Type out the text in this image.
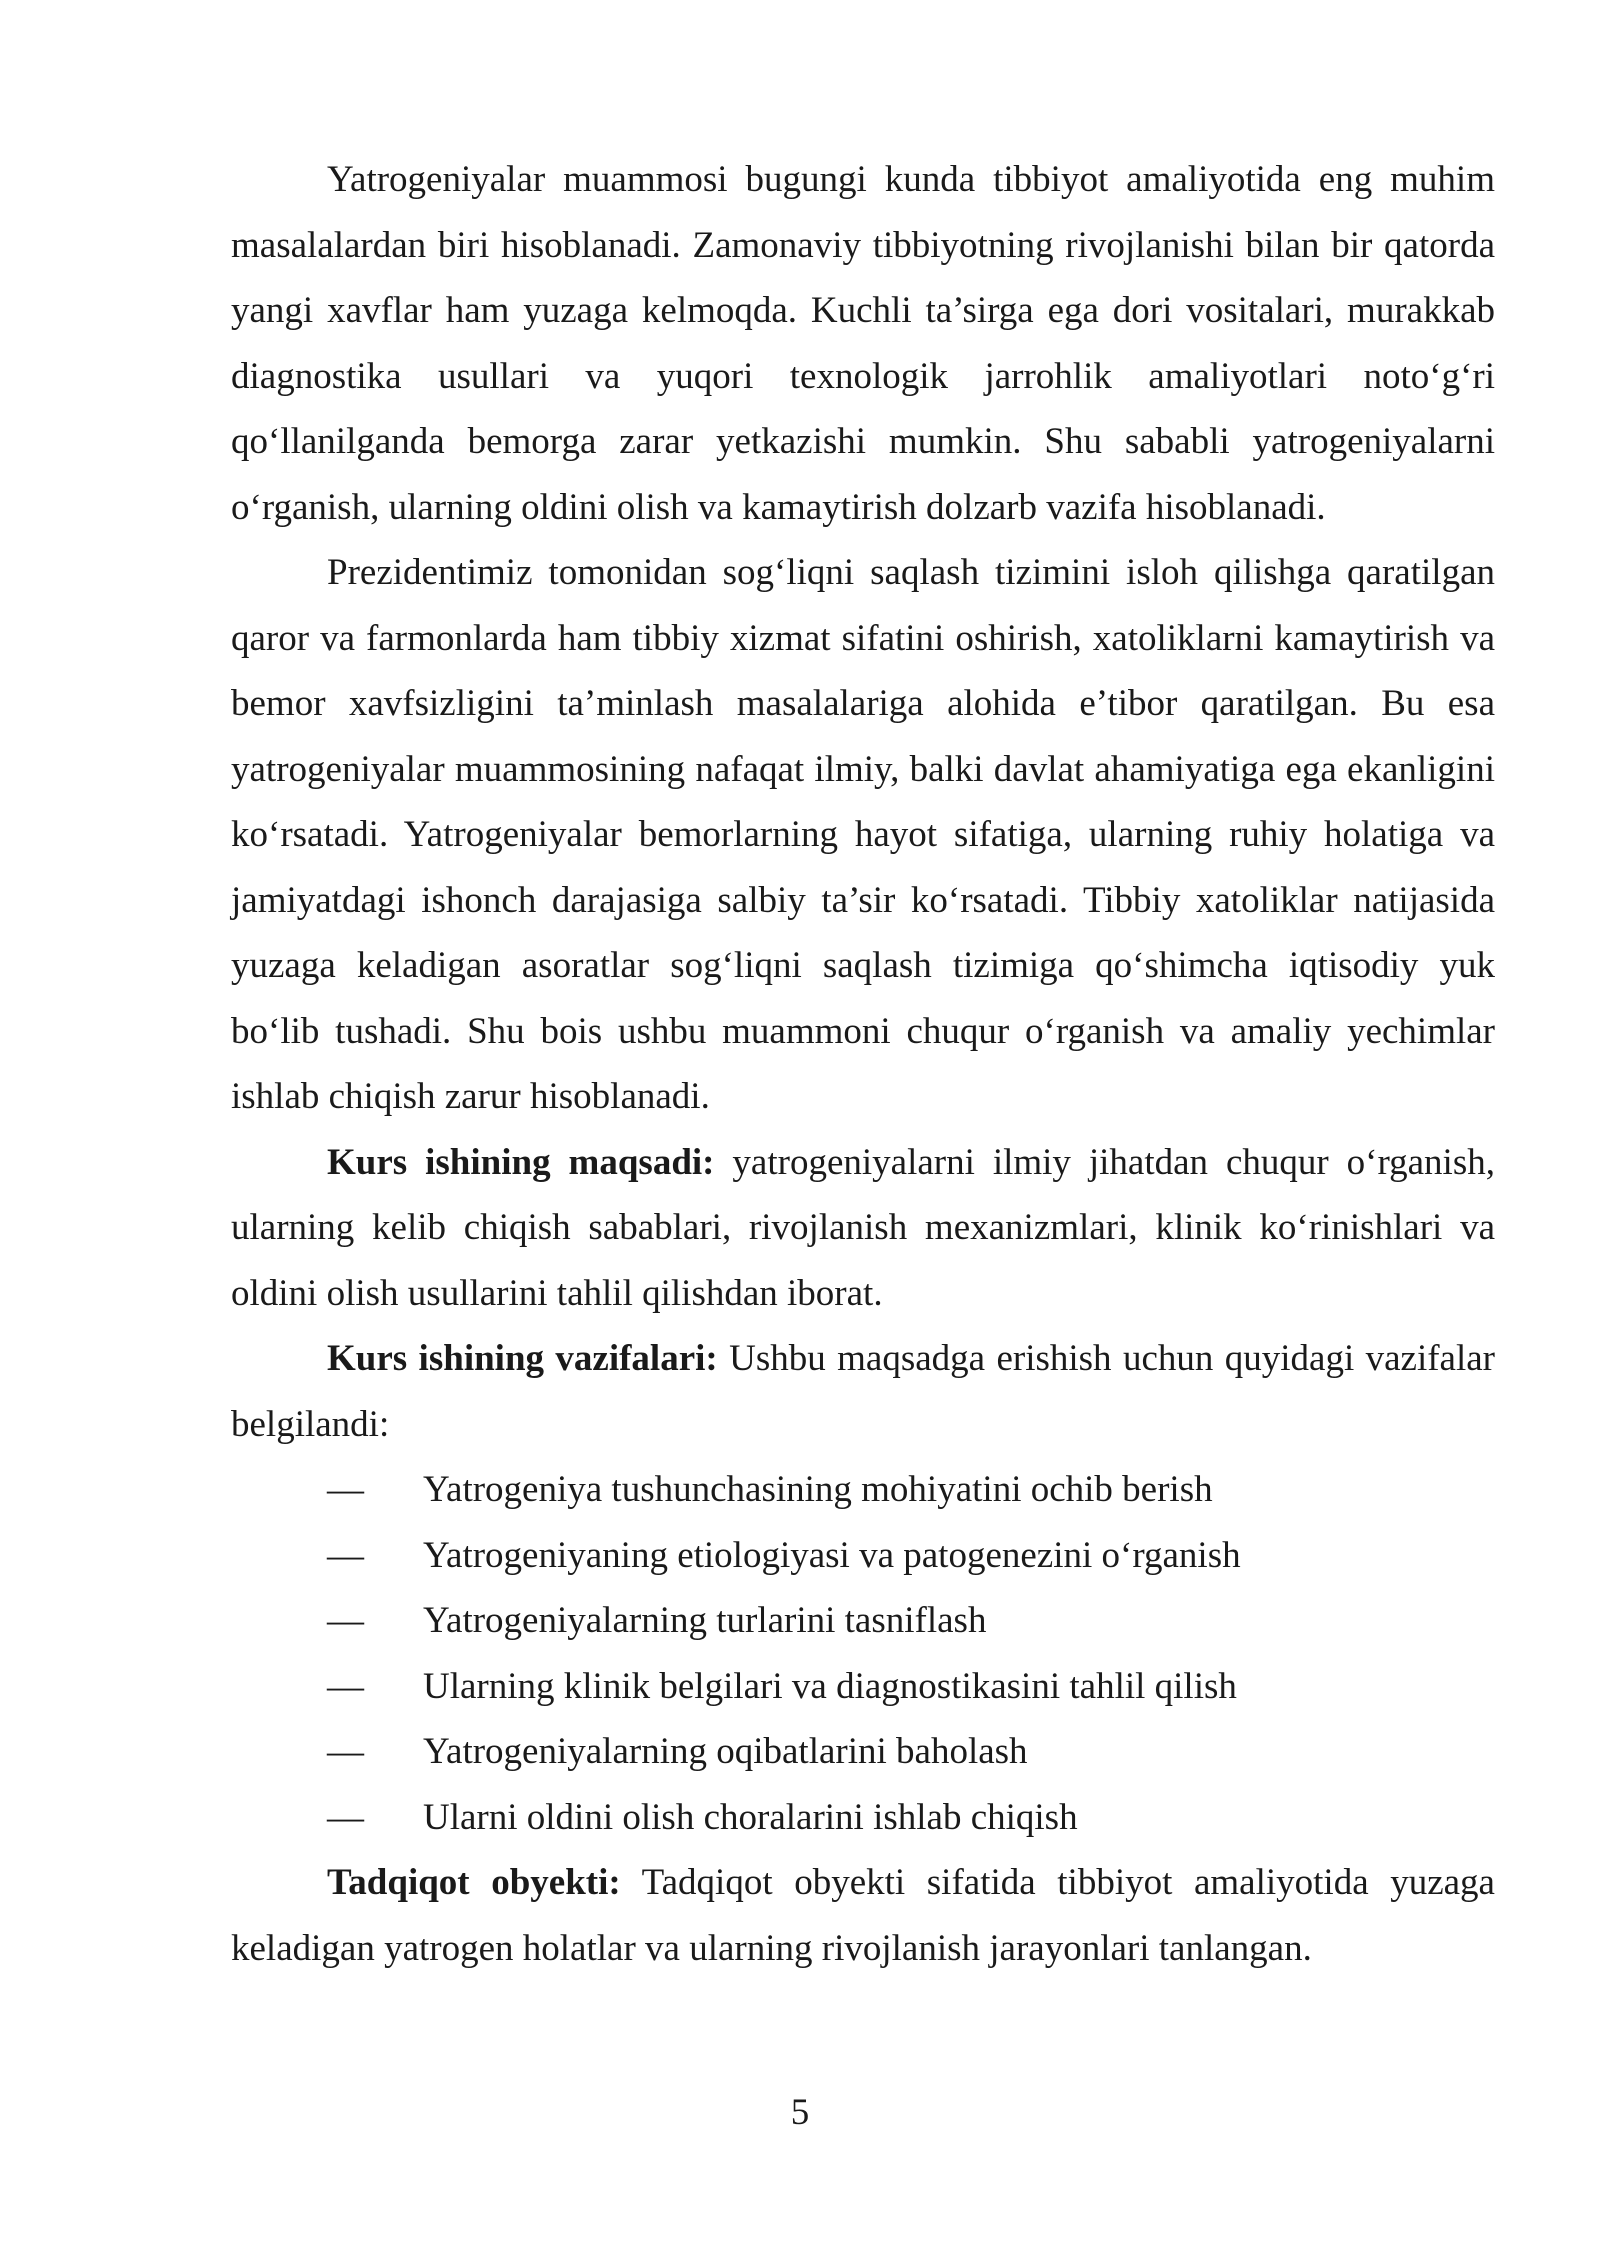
Yatrogeniyalar muammosi bugungi kunda tibbiyot amaliyotida eng muhim masalalardan biri hisoblanadi. Zamonaviy tibbiyotning rivojlanishi bilan bir qatorda yangi xavflar ham yuzaga kelmoqda. Kuchli ta’sirga ega dori vositalari, murakkab diagnostika usullari va yuqori texnologik jarrohlik amaliyotlari noto‘g‘ri qo‘llanilganda bemorga zarar yetkazishi mumkin. Shu sababli yatrogeniyalarni o‘rganish, ularning oldini olish va kamaytirish dolzarb vazifa hisoblanadi.

Prezidentimiz tomonidan sog‘liqni saqlash tizimini isloh qilishga qaratilgan qaror va farmonlarda ham tibbiy xizmat sifatini oshirish, xatoliklarni kamaytirish va bemor xavfsizligini ta’minlash masalalariga alohida e’tibor qaratilgan. Bu esa yatrogeniyalar muammosining nafaqat ilmiy, balki davlat ahamiyatiga ega ekanligini ko‘rsatadi. Yatrogeniyalar bemorlarning hayot sifatiga, ularning ruhiy holatiga va jamiyatdagi ishonch darajasiga salbiy ta’sir ko‘rsatadi. Tibbiy xatoliklar natijasida yuzaga keladigan asoratlar sog‘liqni saqlash tizimiga qo‘shimcha iqtisodiy yuk bo‘lib tushadi. Shu bois ushbu muammoni chuqur o‘rganish va amaliy yechimlar ishlab chiqish zarur hisoblanadi.

Kurs ishining maqsadi: yatrogeniyalarni ilmiy jihatdan chuqur o‘rganish, ularning kelib chiqish sabablari, rivojlanish mexanizmlari, klinik ko‘rinishlari va oldini olish usullarini tahlil qilishdan iborat.

Kurs ishining vazifalari: Ushbu maqsadga erishish uchun quyidagi vazifalar belgilandi:

— Yatrogeniya tushunchasining mohiyatini ochib berish
— Yatrogeniyaning etiologiyasi va patogenezini o‘rganish
— Yatrogeniyalarning turlarini tasniflash
— Ularning klinik belgilari va diagnostikasini tahlil qilish
— Yatrogeniyalarning oqibatlarini baholash
— Ularni oldini olish choralarini ishlab chiqish

Tadqiqot obyekti: Tadqiqot obyekti sifatida tibbiyot amaliyotida yuzaga keladigan yatrogen holatlar va ularning rivojlanish jarayonlari tanlangan.

5
